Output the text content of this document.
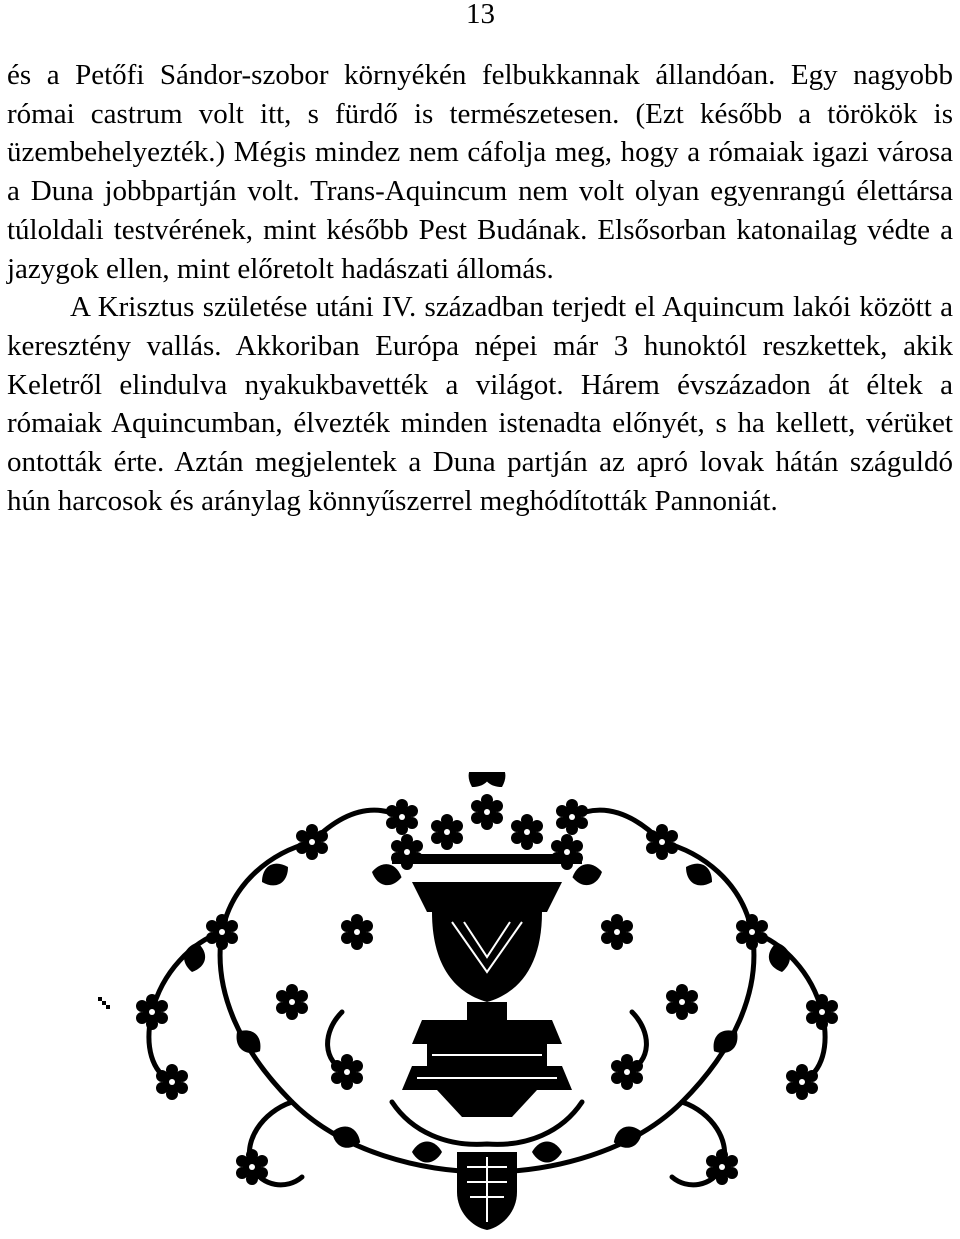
13

és a Petőfi Sándor-szobor környékén felbukkannak állandóan. Egy nagyobb római castrum volt itt, s fürdő is természetesen. (Ezt később a törökök is üzembehelyezték.) Mégis mindez nem cáfolja meg, hogy a rómaiak igazi városa a Duna jobbpartján volt. Trans-Aquincum nem volt olyan egyenrangú élettársa túloldali testvérének, mint később Pest Budának. Elsősorban katonailag védte a jazygok ellen, mint előretolt hadászati állomás.

A Krisztus születése utáni IV. században terjedt el Aquincum lakói között a keresztény vallás. Akkoriban Európa népei már 3 hunoktól reszkettek, akik Keletről elindulva nyakukbavették a világot. Hárem évszázadon át éltek a rómaiak Aquincumban, élvezték minden istenadta előnyét, s ha kellett, vérüket ontották érte. Aztán megjelentek a Duna partján az apró lovak hátán száguldó hún harcosok és aránylag könnyűszerrel meghódították Pannoniát.
